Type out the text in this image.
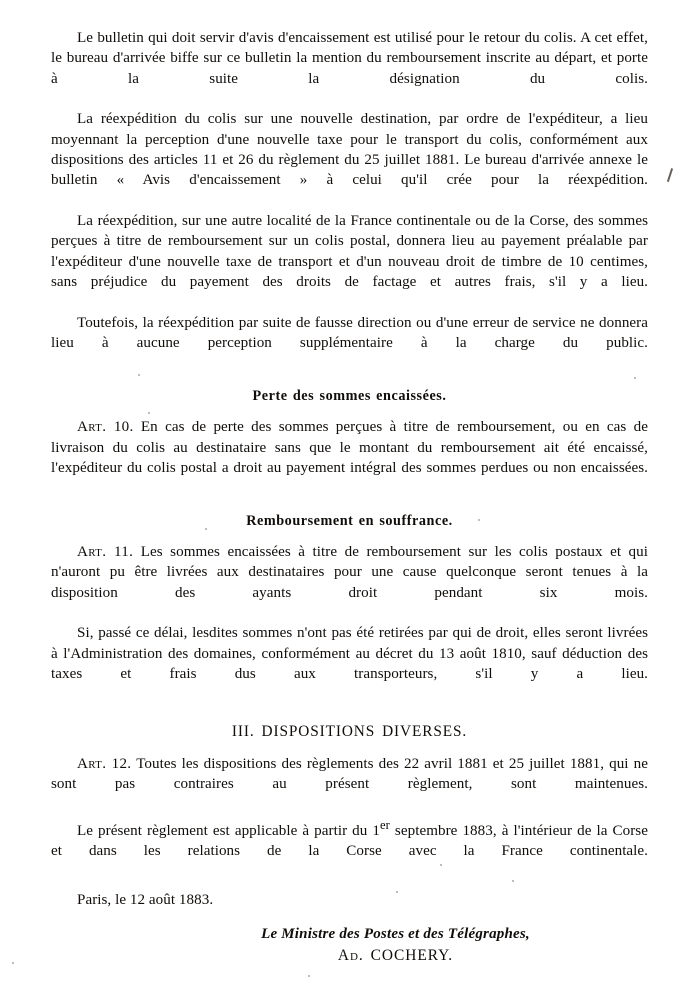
Le bulletin qui doit servir d'avis d'encaissement est utilisé pour le retour du colis. A cet effet, le bureau d'arrivée biffe sur ce bulletin la mention du remboursement inscrite au départ, et porte à la suite la désignation du colis.

La réexpédition du colis sur une nouvelle destination, par ordre de l'expéditeur, a lieu moyennant la perception d'une nouvelle taxe pour le transport du colis, conformément aux dispositions des articles 11 et 26 du règlement du 25 juillet 1881. Le bureau d'arrivée annexe le bulletin « Avis d'encaissement » à celui qu'il crée pour la réexpédition.

La réexpédition, sur une autre localité de la France continentale ou de la Corse, des sommes perçues à titre de remboursement sur un colis postal, donnera lieu au payement préalable par l'expéditeur d'une nouvelle taxe de transport et d'un nouveau droit de timbre de 10 centimes, sans préjudice du payement des droits de factage et autres frais, s'il y a lieu.

Toutefois, la réexpédition par suite de fausse direction ou d'une erreur de service ne donnera lieu à aucune perception supplémentaire à la charge du public.

Perte des sommes encaissées.

Art. 10. En cas de perte des sommes perçues à titre de remboursement, ou en cas de livraison du colis au destinataire sans que le montant du remboursement ait été encaissé, l'expéditeur du colis postal a droit au payement intégral des sommes perdues ou non encaissées.

Remboursement en souffrance.

Art. 11. Les sommes encaissées à titre de remboursement sur les colis postaux et qui n'auront pu être livrées aux destinataires pour une cause quelconque seront tenues à la disposition des ayants droit pendant six mois.

Si, passé ce délai, lesdites sommes n'ont pas été retirées par qui de droit, elles seront livrées à l'Administration des domaines, conformément au décret du 13 août 1810, sauf déduction des taxes et frais dus aux transporteurs, s'il y a lieu.

III. DISPOSITIONS DIVERSES.

Art. 12. Toutes les dispositions des règlements des 22 avril 1881 et 25 juillet 1881, qui ne sont pas contraires au présent règlement, sont maintenues.

Le présent règlement est applicable à partir du 1er septembre 1883, à l'intérieur de la Corse et dans les relations de la Corse avec la France continentale.

Paris, le 12 août 1883.

Le Ministre des Postes et des Télégraphes,

Ad. COCHERY.
